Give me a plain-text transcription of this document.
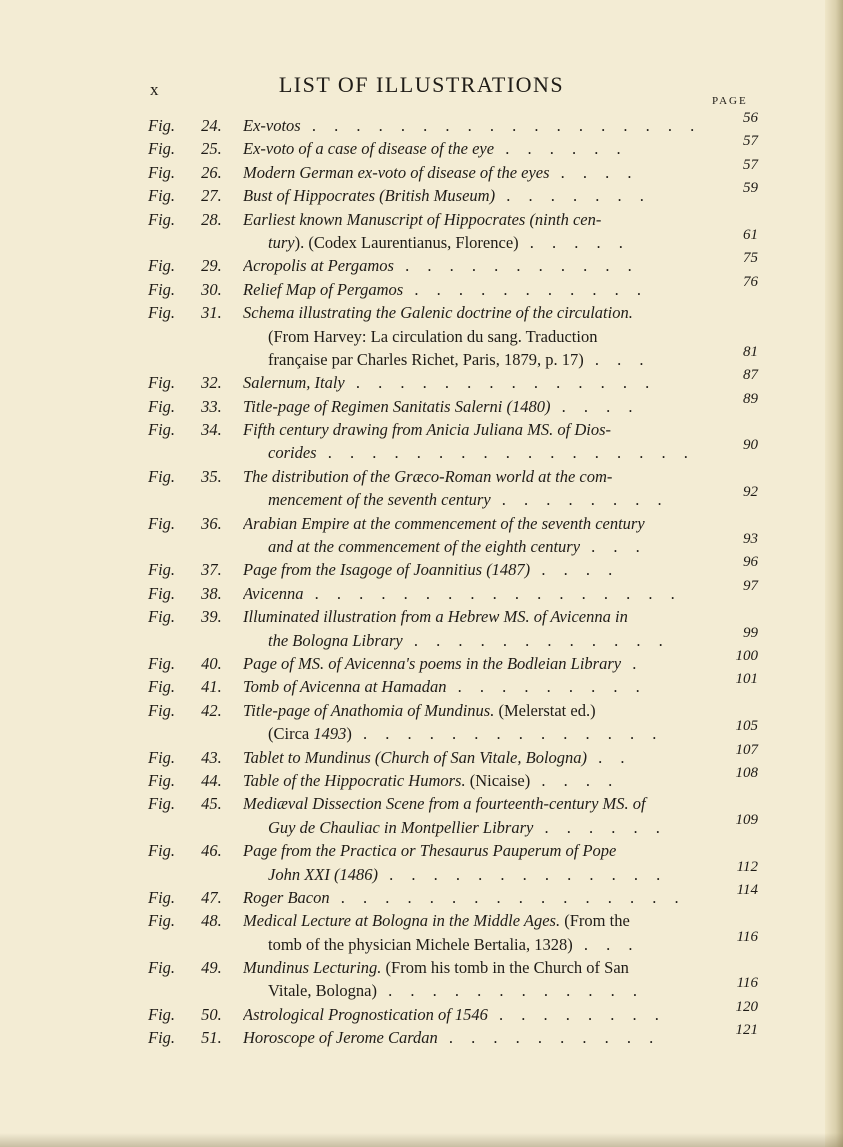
x	LIST OF ILLUSTRATIONS
PAGE
Fig. 24. Ex-votos . . . . . . . . . . . . . . . . . .	56
Fig. 25. Ex-voto of a case of disease of the eye . . . . . .	57
Fig. 26. Modern German ex-voto of disease of the eyes . . . .	57
Fig. 27. Bust of Hippocrates (British Museum) . . . . . . .	59
Fig. 28. Earliest known Manuscript of Hippocrates (ninth cen-
tury). (Codex Laurentianus, Florence) . . . . .	61
Fig. 29. Acropolis at Pergamos . . . . . . . . . . .	75
Fig. 30. Relief Map of Pergamos . . . . . . . . . . .	76
Fig. 31. Schema illustrating the Galenic doctrine of the circulation.
(From Harvey: La circulation du sang. Traduction
française par Charles Richet, Paris, 1879, p. 17) . . .	81
Fig. 32. Salernum, Italy . . . . . . . . . . . . . .	87
Fig. 33. Title-page of Regimen Sanitatis Salerni (1480) . . . .	89
Fig. 34. Fifth century drawing from Anicia Juliana MS. of Dios-
corides . . . . . . . . . . . . . . . . .	90
Fig. 35. The distribution of the Græco-Roman world at the com-
mencement of the seventh century . . . . . . . .	92
Fig. 36. Arabian Empire at the commencement of the seventh century
and at the commencement of the eighth century . . .	93
Fig. 37. Page from the Isagoge of Joannitius (1487) . . . .	96
Fig. 38. Avicenna . . . . . . . . . . . . . . . . .	97
Fig. 39. Illuminated illustration from a Hebrew MS. of Avicenna in
the Bologna Library . . . . . . . . . . . .	99
Fig. 40. Page of MS. of Avicenna's poems in the Bodleian Library .	100
Fig. 41. Tomb of Avicenna at Hamadan . . . . . . . . .	101
Fig. 42. Title-page of Anathomia of Mundinus. (Melerstat ed.)
(Circa 1493) . . . . . . . . . . . . . .	105
Fig. 43. Tablet to Mundinus (Church of San Vitale, Bologna) . .	107
Fig. 44. Table of the Hippocratic Humors. (Nicaise) . . . .	108
Fig. 45. Mediæval Dissection Scene from a fourteenth-century MS. of
Guy de Chauliac in Montpellier Library . . . . . .	109
Fig. 46. Page from the Practica or Thesaurus Pauperum of Pope
John XXI (1486) . . . . . . . . . . . . .	112
Fig. 47. Roger Bacon . . . . . . . . . . . . . . . .	114
Fig. 48. Medical Lecture at Bologna in the Middle Ages. (From the
tomb of the physician Michele Bertalia, 1328) . . .	116
Fig. 49. Mundinus Lecturing. (From his tomb in the Church of San
Vitale, Bologna) . . . . . . . . . . . .	116
Fig. 50. Astrological Prognostication of 1546 . . . . . . . .	120
Fig. 51. Horoscope of Jerome Cardan . . . . . . . . . .	121
